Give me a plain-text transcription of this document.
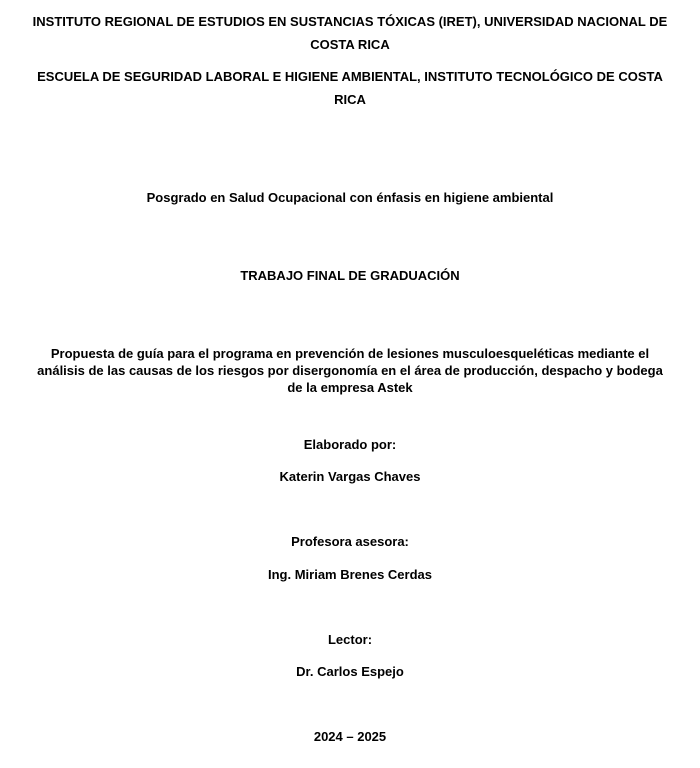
INSTITUTO REGIONAL DE ESTUDIOS EN SUSTANCIAS TÓXICAS (IRET), UNIVERSIDAD NACIONAL DE
COSTA RICA
ESCUELA DE SEGURIDAD LABORAL E HIGIENE AMBIENTAL, INSTITUTO TECNOLÓGICO DE COSTA
RICA
Posgrado en Salud Ocupacional con énfasis en higiene ambiental
TRABAJO FINAL DE GRADUACIÓN
Propuesta de guía para el programa en prevención de lesiones musculoesqueléticas mediante el
análisis de las causas de los riesgos por disergonomía en el área de producción, despacho y bodega
de la empresa Astek
Elaborado por:
Katerin Vargas Chaves
Profesora asesora:
Ing. Miriam Brenes Cerdas
Lector:
Dr. Carlos Espejo
2024 – 2025
